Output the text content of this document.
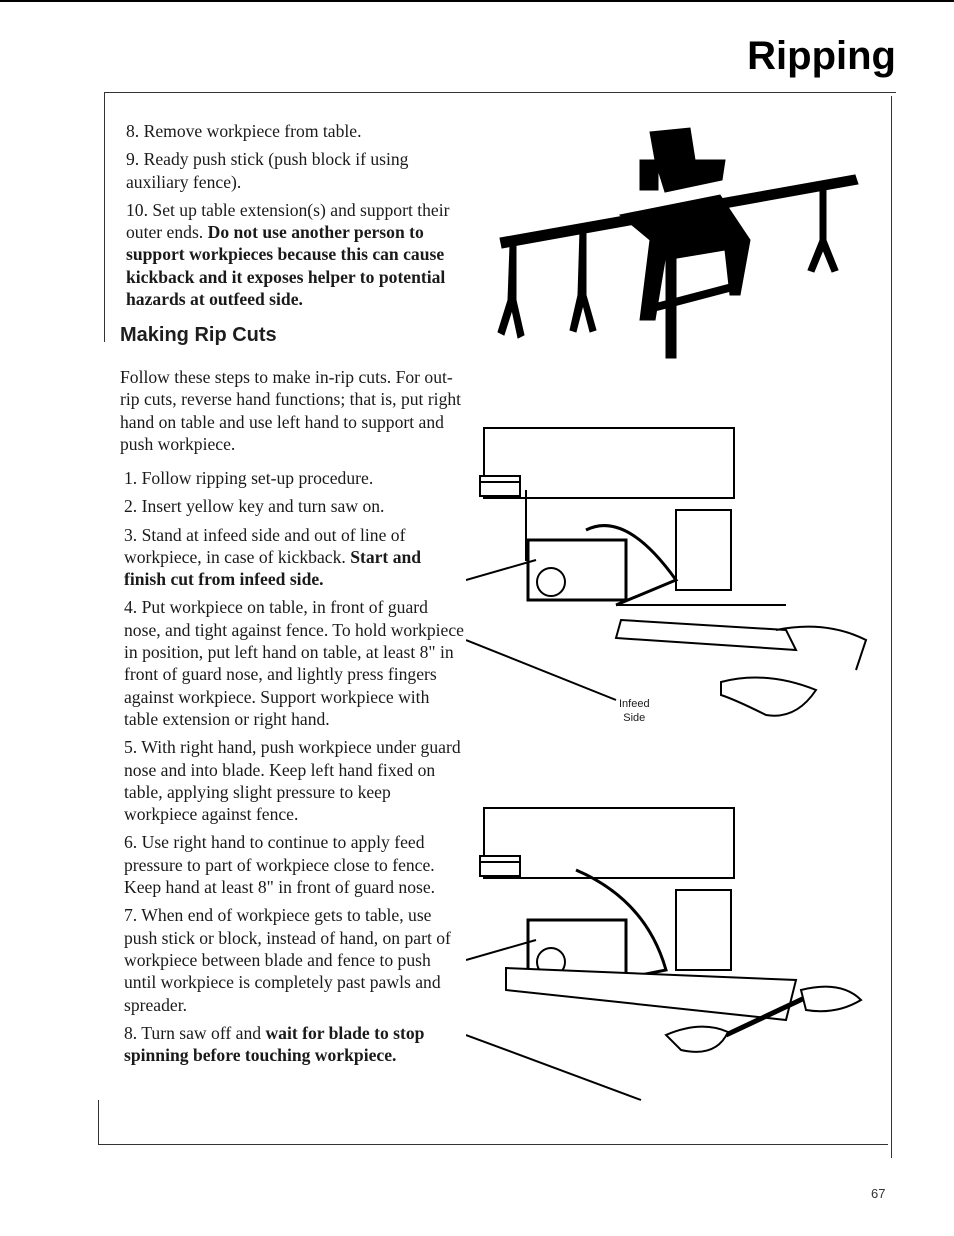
Ripping

8. Remove workpiece from table.

9. Ready push stick (push block if using auxiliary fence).

10. Set up table extension(s) and support their outer ends. Do not use another person to support workpieces because this can cause kickback and it exposes helper to potential hazards at outfeed side.

Making Rip Cuts

Follow these steps to make in-rip cuts. For out-rip cuts, reverse hand functions; that is, put right hand on table and use left hand to support and push workpiece.

1. Follow ripping set-up procedure.

2. Insert yellow key and turn saw on.

3. Stand at infeed side and out of line of workpiece, in case of kickback. Start and finish cut from infeed side.

4. Put workpiece on table, in front of guard nose, and tight against fence. To hold workpiece in position, put left hand on table, at least 8" in front of guard nose, and lightly press fingers against workpiece. Support workpiece with table extension or right hand.

5. With right hand, push workpiece under guard nose and into blade. Keep left hand fixed on table, applying slight pressure to keep workpiece against fence.

6. Use right hand to continue to apply feed pressure to part of workpiece close to fence. Keep hand at least 8" in front of guard nose.

7. When end of workpiece gets to table, use push stick or block, instead of hand, on part of workpiece between blade and fence to push until workpiece is completely past pawls and spreader.

8. Turn saw off and wait for blade to stop spinning before touching workpiece.

Infeed
Side
67
